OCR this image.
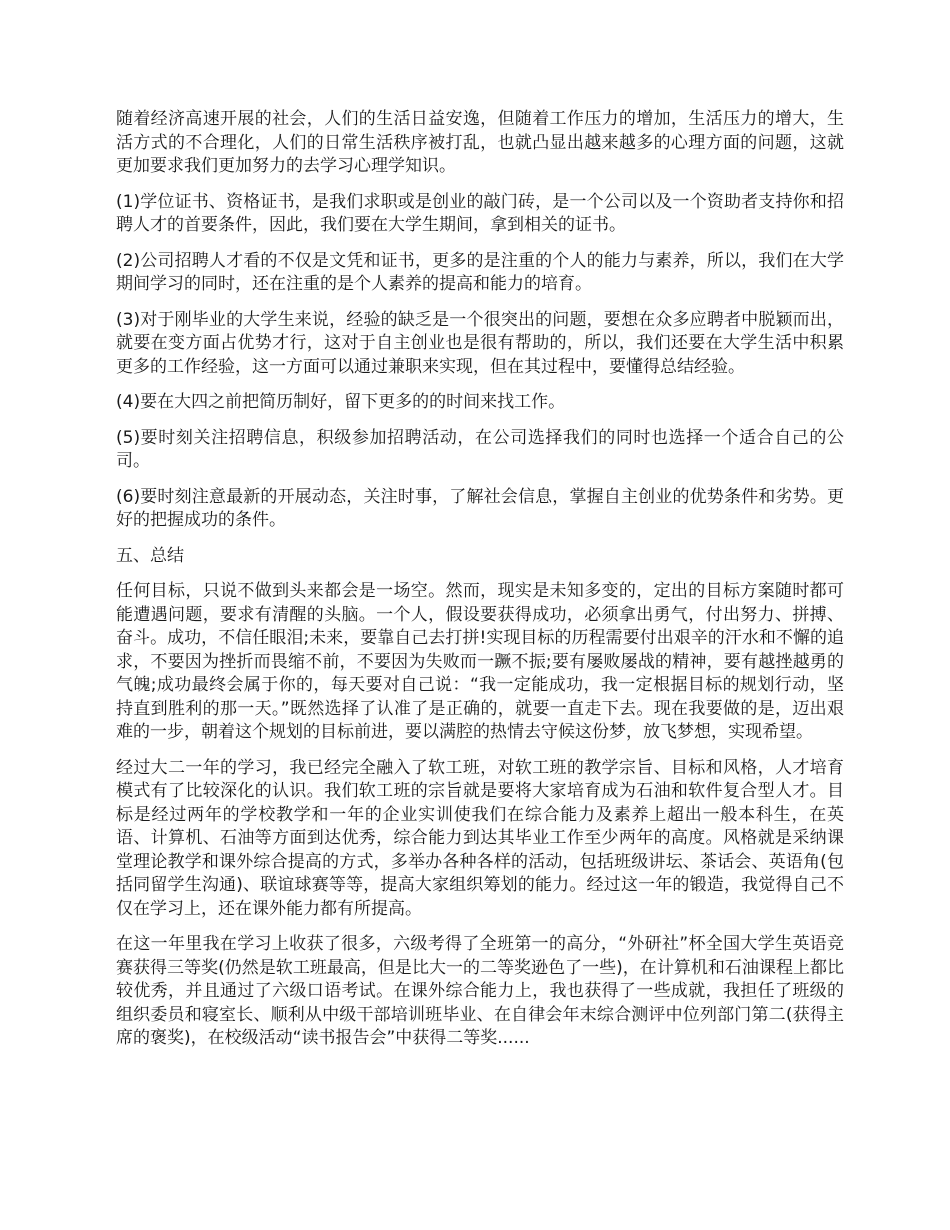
随着经济高速开展的社会，人们的生活日益安逸，但随着工作压力的增加，生活压力的增大，生活方式的不合理化，人们的日常生活秩序被打乱，也就凸显出越来越多的心理方面的问题，这就更加要求我们更加努力的去学习心理学知识。

(1)学位证书、资格证书，是我们求职或是创业的敲门砖，是一个公司以及一个资助者支持你和招聘人才的首要条件，因此，我们要在大学生期间，拿到相关的证书。

(2)公司招聘人才看的不仅是文凭和证书，更多的是注重的个人的能力与素养，所以，我们在大学期间学习的同时，还在注重的是个人素养的提高和能力的培育。

(3)对于刚毕业的大学生来说，经验的缺乏是一个很突出的问题，要想在众多应聘者中脱颖而出，就要在变方面占优势才行，这对于自主创业也是很有帮助的，所以，我们还要在大学生活中积累更多的工作经验，这一方面可以通过兼职来实现，但在其过程中，要懂得总结经验。

(4)要在大四之前把简历制好，留下更多的的时间来找工作。

(5)要时刻关注招聘信息，积级参加招聘活动，在公司选择我们的同时也选择一个适合自己的公司。

(6)要时刻注意最新的开展动态，关注时事，了解社会信息，掌握自主创业的优势条件和劣势。更好的把握成功的条件。

五、总结

任何目标，只说不做到头来都会是一场空。然而，现实是未知多变的，定出的目标方案随时都可能遭遇问题，要求有清醒的头脑。一个人，假设要获得成功，必须拿出勇气，付出努力、拼搏、奋斗。成功，不信任眼泪;未来，要靠自己去打拼!实现目标的历程需要付出艰辛的汗水和不懈的追求，不要因为挫折而畏缩不前，不要因为失败而一蹶不振;要有屡败屡战的精神，要有越挫越勇的气魄;成功最终会属于你的，每天要对自己说：“我一定能成功，我一定根据目标的规划行动，坚持直到胜利的那一天。”既然选择了认准了是正确的，就要一直走下去。现在我要做的是，迈出艰难的一步，朝着这个规划的目标前进，要以满腔的热情去守候这份梦，放飞梦想，实现希望。

经过大二一年的学习，我已经完全融入了软工班，对软工班的教学宗旨、目标和风格，人才培育模式有了比较深化的认识。我们软工班的宗旨就是要将大家培育成为石油和软件复合型人才。目标是经过两年的学校教学和一年的企业实训使我们在综合能力及素养上超出一般本科生，在英语、计算机、石油等方面到达优秀，综合能力到达其毕业工作至少两年的高度。风格就是采纳课堂理论教学和课外综合提高的方式，多举办各种各样的活动，包括班级讲坛、茶话会、英语角(包括同留学生沟通)、联谊球赛等等，提高大家组织筹划的能力。经过这一年的锻造，我觉得自己不仅在学习上，还在课外能力都有所提高。

在这一年里我在学习上收获了很多，六级考得了全班第一的高分，“外研社”杯全国大学生英语竞赛获得三等奖(仍然是软工班最高，但是比大一的二等奖逊色了一些)，在计算机和石油课程上都比较优秀，并且通过了六级口语考试。在课外综合能力上，我也获得了一些成就，我担任了班级的组织委员和寝室长、顺利从中级干部培训班毕业、在自律会年末综合测评中位列部门第二(获得主席的褒奖)，在校级活动“读书报告会”中获得二等奖......
